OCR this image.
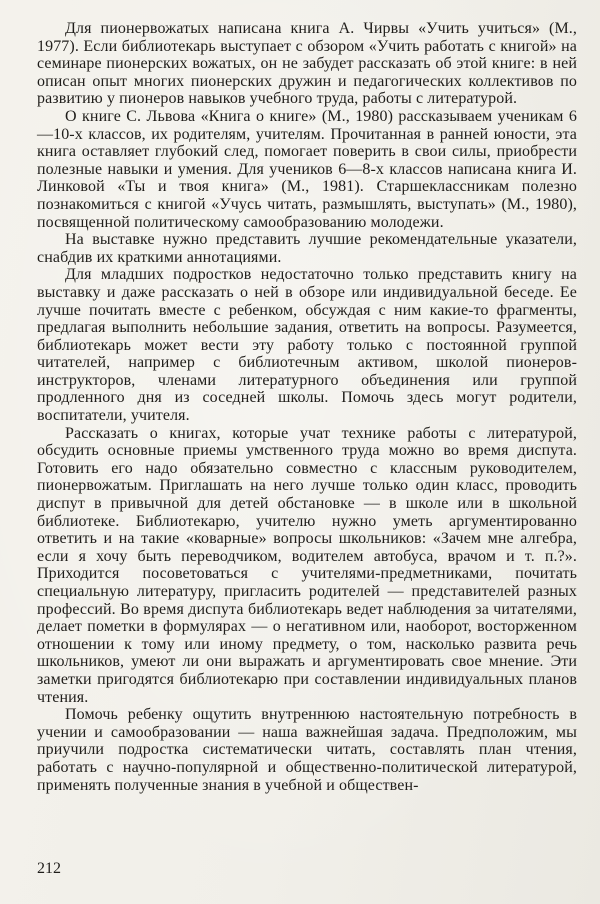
Для пионервожатых написана книга А. Чирвы «Учить учиться» (М., 1977). Если библиотекарь выступает с обзором «Учить работать с книгой» на семинаре пионерских вожатых, он не забудет рассказать об этой книге: в ней описан опыт многих пионерских дружин и педагогических коллективов по развитию у пионеров навыков учебного труда, работы с литературой.

О книге С. Львова «Книга о книге» (М., 1980) рассказываем ученикам 6—10-х классов, их родителям, учителям. Прочитанная в ранней юности, эта книга оставляет глубокий след, помогает поверить в свои силы, приобрести полезные навыки и умения. Для учеников 6—8-х классов написана книга И. Линковой «Ты и твоя книга» (М., 1981). Старшеклассникам полезно познакомиться с книгой «Учусь читать, размышлять, выступать» (М., 1980), посвященной политическому самообразованию молодежи.

На выставке нужно представить лучшие рекомендательные указатели, снабдив их краткими аннотациями.

Для младших подростков недостаточно только представить книгу на выставку и даже рассказать о ней в обзоре или индивидуальной беседе. Ее лучше почитать вместе с ребенком, обсуждая с ним какие-то фрагменты, предлагая выполнить небольшие задания, ответить на вопросы. Разумеется, библиотекарь может вести эту работу только с постоянной группой читателей, например с библиотечным активом, школой пионеров-инструкторов, членами литературного объединения или группой продленного дня из соседней школы. Помочь здесь могут родители, воспитатели, учителя.

Рассказать о книгах, которые учат технике работы с литературой, обсудить основные приемы умственного труда можно во время диспута. Готовить его надо обязательно совместно с классным руководителем, пионервожатым. Приглашать на него лучше только один класс, проводить диспут в привычной для детей обстановке — в школе или в школьной библиотеке. Библиотекарю, учителю нужно уметь аргументированно ответить и на такие «коварные» вопросы школьников: «Зачем мне алгебра, если я хочу быть переводчиком, водителем автобуса, врачом и т. п.?». Приходится посоветоваться с учителями-предметниками, почитать специальную литературу, пригласить родителей — представителей разных профессий. Во время диспута библиотекарь ведет наблюдения за читателями, делает пометки в формулярах — о негативном или, наоборот, восторженном отношении к тому или иному предмету, о том, насколько развита речь школьников, умеют ли они выражать и аргументировать свое мнение. Эти заметки пригодятся библиотекарю при составлении индивидуальных планов чтения.

Помочь ребенку ощутить внутреннюю настоятельную потребность в учении и самообразовании — наша важнейшая задача. Предположим, мы приучили подростка систематически читать, составлять план чтения, работать с научно-популярной и общественно-политической литературой, применять полученные знания в учебной и обществен-

212
